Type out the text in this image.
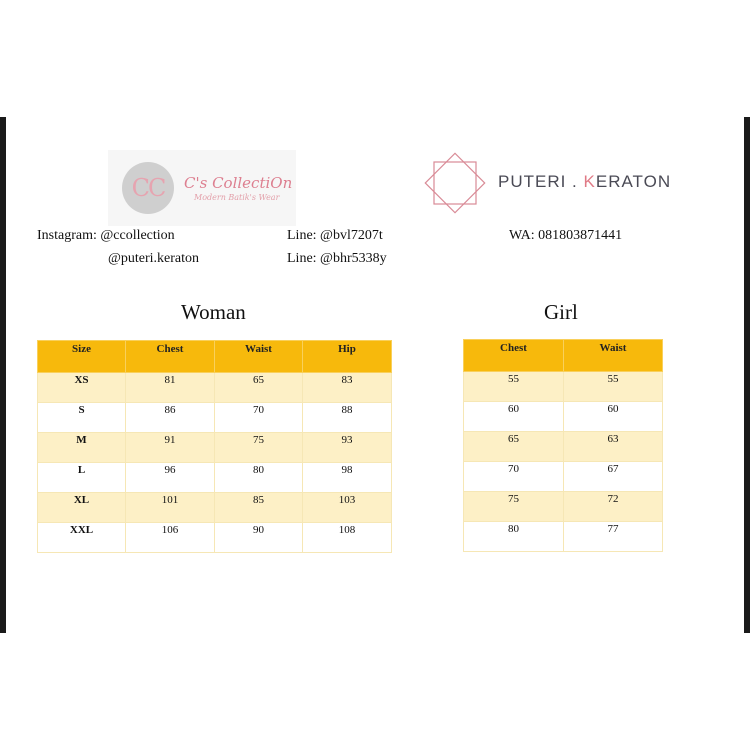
CC	C's CollectiOn
Modern Batik's Wear
PUTERI . KERATON
Instagram: @ccollection
@puteri.keraton
Line: @bvl7207t
Line: @bhr5338y
WA: 081803871441
Woman	Girl
Size	Chest	Waist	Hip
XS	81	65	83
S	86	70	88
M	91	75	93
L	96	80	98
XL	101	85	103
XXL	106	90	108
Chest	Waist
55	55
60	60
65	63
70	67
75	72
80	77
